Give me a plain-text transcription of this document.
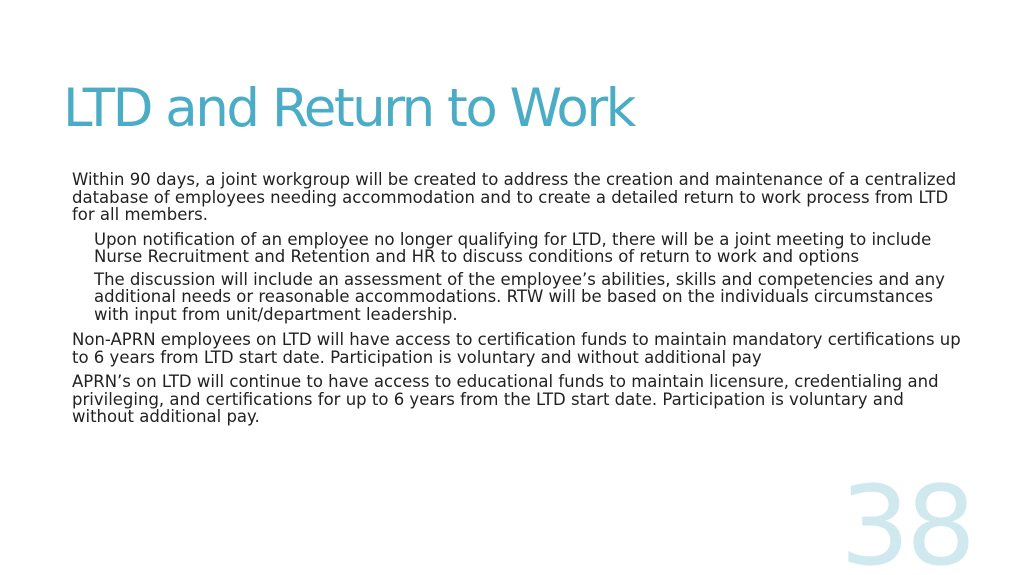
LTD and Return to Work

Within 90 days, a joint workgroup will be created to address the creation and maintenance of a centralized database of employees needing accommodation and to create a detailed return to work process from LTD for all members.

Upon notification of an employee no longer qualifying for LTD, there will be a joint meeting to include Nurse Recruitment and Retention and HR to discuss conditions of return to work and options

The discussion will include an assessment of the employee’s abilities, skills and competencies and any additional needs or reasonable accommodations. RTW will be based on the individuals circumstances with input from unit/department leadership.

Non-APRN employees on LTD will have access to certification funds to maintain mandatory certifications up to 6 years from LTD start date. Participation is voluntary and without additional pay

APRN’s on LTD will continue to have access to educational funds to maintain licensure, credentialing and privileging, and certifications for up to 6 years from the LTD start date. Participation is voluntary and without additional pay.

38
